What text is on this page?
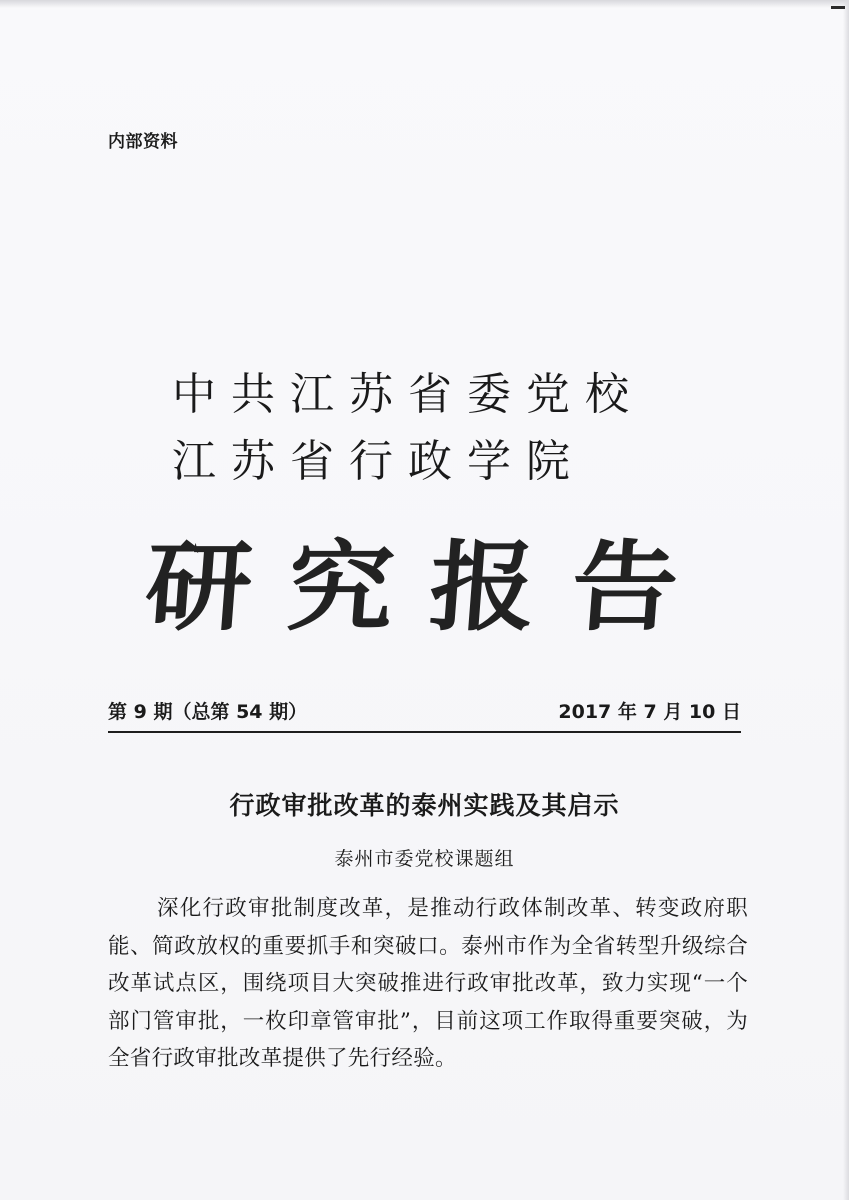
内部资料
中共江苏省委党校
江苏省行政学院
研究报告
第 9 期（总第 54 期）	2017 年 7 月 10 日
行政审批改革的泰州实践及其启示
泰州市委党校课题组
深化行政审批制度改革，是推动行政体制改革、转变政府职能、简政放权的重要抓手和突破口。泰州市作为全省转型升级综合改革试点区，围绕项目大突破推进行政审批改革，致力实现“一个部门管审批，一枚印章管审批”，目前这项工作取得重要突破，为全省行政审批改革提供了先行经验。
